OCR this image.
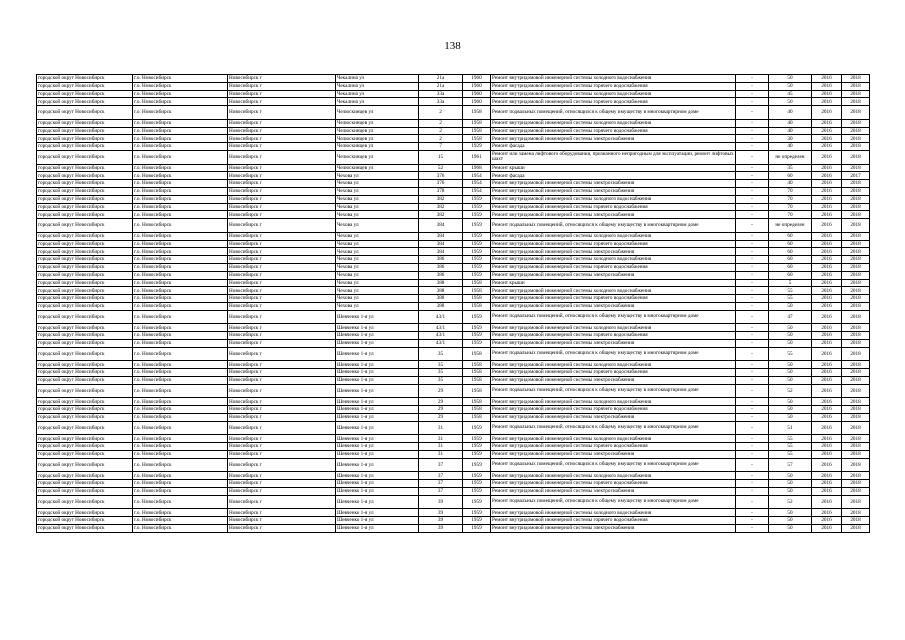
138
городской округ Новосибирск	г.о. Новосибирск	Новосибирск г	Чекалина ул	21а	1960	Ремонт внутридомовой инженерной системы холодного водоснабжения	-	50	2016	2018
городской округ Новосибирск	г.о. Новосибирск	Новосибирск г	Чекалина ул	21а	1960	Ремонт внутридомовой инженерной системы горячего водоснабжения	-	50	2016	2018
городской округ Новосибирск	г.о. Новосибирск	Новосибирск г	Чекалина ул	33а	1960	Ремонт внутридомовой инженерной системы холодного водоснабжения	-	45	2016	2018
городской округ Новосибирск	г.о. Новосибирск	Новосибирск г	Чекалина ул	33а	1960	Ремонт внутридомовой инженерной системы горячего водоснабжения	-	50	2016	2018
городской округ Новосибирск	г.о. Новосибирск	Новосибирск г	Челюскинцев ул	2	1958	Ремонт подвальных помещений, относящихся к общему имуществу в многоквартирном доме	-	40	2016	2018
городской округ Новосибирск	г.о. Новосибирск	Новосибирск г	Челюскинцев ул	2	1958	Ремонт внутридомовой инженерной системы холодного водоснабжения	-	40	2016	2018
городской округ Новосибирск	г.о. Новосибирск	Новосибирск г	Челюскинцев ул	2	1958	Ремонт внутридомовой инженерной системы горячего водоснабжения	-	40	2016	2018
городской округ Новосибирск	г.о. Новосибирск	Новосибирск г	Челюскинцев ул	2	1958	Ремонт внутридомовой инженерной системы электроснабжения	-	30	2016	2018
городской округ Новосибирск	г.о. Новосибирск	Новосибирск г	Челюскинцев ул	7	1929	Ремонт фасада	-	40	2016	2018
городской округ Новосибирск	г.о. Новосибирск	Новосибирск г	Челюскинцев ул	15	1961	Ремонт или замена лифтового оборудования, признанного непригодным для эксплуатации, ремонт лифтовых шахт	-	не определен	2016	2018
городской округ Новосибирск	г.о. Новосибирск	Новосибирск г	Челюскинцев ул	52	1968	Ремонт крыши	-	35	2016	2018
городской округ Новосибирск	г.о. Новосибирск	Новосибирск г	Чехова ул	376	1954	Ремонт фасада	-	60	2016	2017
городской округ Новосибирск	г.о. Новосибирск	Новосибирск г	Чехова ул	376	1954	Ремонт внутридомовой инженерной системы электроснабжения	-	40	2016	2018
городской округ Новосибирск	г.о. Новосибирск	Новосибирск г	Чехова ул	378	1954	Ремонт внутридомовой инженерной системы электроснабжения	-	70	2016	2018
городской округ Новосибирск	г.о. Новосибирск	Новосибирск г	Чехова ул	382	1959	Ремонт внутридомовой инженерной системы холодного водоснабжения	-	70	2016	2018
городской округ Новосибирск	г.о. Новосибирск	Новосибирск г	Чехова ул	382	1959	Ремонт внутридомовой инженерной системы горячего водоснабжения	-	70	2016	2018
городской округ Новосибирск	г.о. Новосибирск	Новосибирск г	Чехова ул	382	1959	Ремонт внутридомовой инженерной системы электроснабжения	-	70	2016	2018
городской округ Новосибирск	г.о. Новосибирск	Новосибирск г	Чехова ул	384	1959	Ремонт подвальных помещений, относящихся к общему имуществу в многоквартирном доме	-	не определен	2016	2018
городской округ Новосибирск	г.о. Новосибирск	Новосибирск г	Чехова ул	384	1959	Ремонт внутридомовой инженерной системы холодного водоснабжения	-	60	2016	2018
городской округ Новосибирск	г.о. Новосибирск	Новосибирск г	Чехова ул	384	1959	Ремонт внутридомовой инженерной системы горячего водоснабжения	-	60	2016	2018
городской округ Новосибирск	г.о. Новосибирск	Новосибирск г	Чехова ул	384	1959	Ремонт внутридомовой инженерной системы электроснабжения	-	60	2016	2018
городской округ Новосибирск	г.о. Новосибирск	Новосибирск г	Чехова ул	386	1959	Ремонт внутридомовой инженерной системы холодного водоснабжения	-	60	2016	2018
городской округ Новосибирск	г.о. Новосибирск	Новосибирск г	Чехова ул	386	1959	Ремонт внутридомовой инженерной системы горячего водоснабжения	-	60	2016	2018
городской округ Новосибирск	г.о. Новосибирск	Новосибирск г	Чехова ул	386	1959	Ремонт внутридомовой инженерной системы электроснабжения	-	60	2016	2018
городской округ Новосибирск	г.о. Новосибирск	Новосибирск г	Чехова ул	388	1958	Ремонт крыши	-	5	2016	2018
городской округ Новосибирск	г.о. Новосибирск	Новосибирск г	Чехова ул	388	1958	Ремонт внутридомовой инженерной системы холодного водоснабжения	-	55	2016	2018
городской округ Новосибирск	г.о. Новосибирск	Новосибирск г	Чехова ул	388	1958	Ремонт внутридомовой инженерной системы горячего водоснабжения	-	55	2016	2018
городской округ Новосибирск	г.о. Новосибирск	Новосибирск г	Чехова ул	388	1958	Ремонт внутридомовой инженерной системы электроснабжения	-	50	2016	2018
городской округ Новосибирск	г.о. Новосибирск	Новосибирск г	Шевченко 1-я ул	43/1	1959	Ремонт подвальных помещений, относящихся к общему имуществу в многоквартирном доме	-	47	2016	2018
городской округ Новосибирск	г.о. Новосибирск	Новосибирск г	Шевченко 1-я ул	43/1	1959	Ремонт внутридомовой инженерной системы холодного водоснабжения	-	50	2016	2018
городской округ Новосибирск	г.о. Новосибирск	Новосибирск г	Шевченко 1-я ул	43/1	1959	Ремонт внутридомовой инженерной системы горячего водоснабжения	-	50	2016	2018
городской округ Новосибирск	г.о. Новосибирск	Новосибирск г	Шевченко 1-я ул	43/1	1959	Ремонт внутридомовой инженерной системы электроснабжения	-	50	2016	2018
городской округ Новосибирск	г.о. Новосибирск	Новосибирск г	Шевченко 1-я ул	35	1958	Ремонт подвальных помещений, относящихся к общему имуществу в многоквартирном доме	-	55	2016	2018
городской округ Новосибирск	г.о. Новосибирск	Новосибирск г	Шевченко 1-я ул	35	1958	Ремонт внутридомовой инженерной системы холодного водоснабжения	-	50	2016	2018
городской округ Новосибирск	г.о. Новосибирск	Новосибирск г	Шевченко 1-я ул	35	1958	Ремонт внутридомовой инженерной системы горячего водоснабжения	-	50	2016	2018
городской округ Новосибирск	г.о. Новосибирск	Новосибирск г	Шевченко 1-я ул	35	1958	Ремонт внутридомовой инженерной системы электроснабжения	-	50	2016	2018
городской округ Новосибирск	г.о. Новосибирск	Новосибирск г	Шевченко 1-я ул	29	1958	Ремонт подвальных помещений, относящихся к общему имуществу в многоквартирном доме	-	52	2016	2018
городской округ Новосибирск	г.о. Новосибирск	Новосибирск г	Шевченко 1-я ул	29	1958	Ремонт внутридомовой инженерной системы холодного водоснабжения	-	50	2016	2018
городской округ Новосибирск	г.о. Новосибирск	Новосибирск г	Шевченко 1-я ул	29	1958	Ремонт внутридомовой инженерной системы горячего водоснабжения	-	50	2016	2018
городской округ Новосибирск	г.о. Новосибирск	Новосибирск г	Шевченко 1-я ул	29	1958	Ремонт внутридомовой инженерной системы электроснабжения	-	50	2016	2018
городской округ Новосибирск	г.о. Новосибирск	Новосибирск г	Шевченко 1-я ул	31	1959	Ремонт подвальных помещений, относящихся к общему имуществу в многоквартирном доме	-	51	2016	2018
городской округ Новосибирск	г.о. Новосибирск	Новосибирск г	Шевченко 1-я ул	31	1959	Ремонт внутридомовой инженерной системы холодного водоснабжения	-	55	2016	2018
городской округ Новосибирск	г.о. Новосибирск	Новосибирск г	Шевченко 1-я ул	31	1959	Ремонт внутридомовой инженерной системы горячего водоснабжения	-	55	2016	2018
городской округ Новосибирск	г.о. Новосибирск	Новосибирск г	Шевченко 1-я ул	31	1959	Ремонт внутридомовой инженерной системы электроснабжения	-	55	2016	2018
городской округ Новосибирск	г.о. Новосибирск	Новосибирск г	Шевченко 1-я ул	37	1959	Ремонт подвальных помещений, относящихся к общему имуществу в многоквартирном доме	-	57	2016	2018
городской округ Новосибирск	г.о. Новосибирск	Новосибирск г	Шевченко 1-я ул	37	1959	Ремонт внутридомовой инженерной системы холодного водоснабжения	-	50	2016	2018
городской округ Новосибирск	г.о. Новосибирск	Новосибирск г	Шевченко 1-я ул	37	1959	Ремонт внутридомовой инженерной системы горячего водоснабжения	-	50	2016	2018
городской округ Новосибирск	г.о. Новосибирск	Новосибирск г	Шевченко 1-я ул	37	1959	Ремонт внутридомовой инженерной системы электроснабжения	-	50	2016	2018
городской округ Новосибирск	г.о. Новосибирск	Новосибирск г	Шевченко 1-я ул	39	1959	Ремонт подвальных помещений, относящихся к общему имуществу в многоквартирном доме	-	52	2016	2018
городской округ Новосибирск	г.о. Новосибирск	Новосибирск г	Шевченко 1-я ул	39	1959	Ремонт внутридомовой инженерной системы холодного водоснабжения	-	50	2016	2018
городской округ Новосибирск	г.о. Новосибирск	Новосибирск г	Шевченко 1-я ул	39	1959	Ремонт внутридомовой инженерной системы горячего водоснабжения	-	50	2016	2018
городской округ Новосибирск	г.о. Новосибирск	Новосибирск г	Шевченко 1-я ул	39	1959	Ремонт внутридомовой инженерной системы электроснабжения	-	50	2016	2018
